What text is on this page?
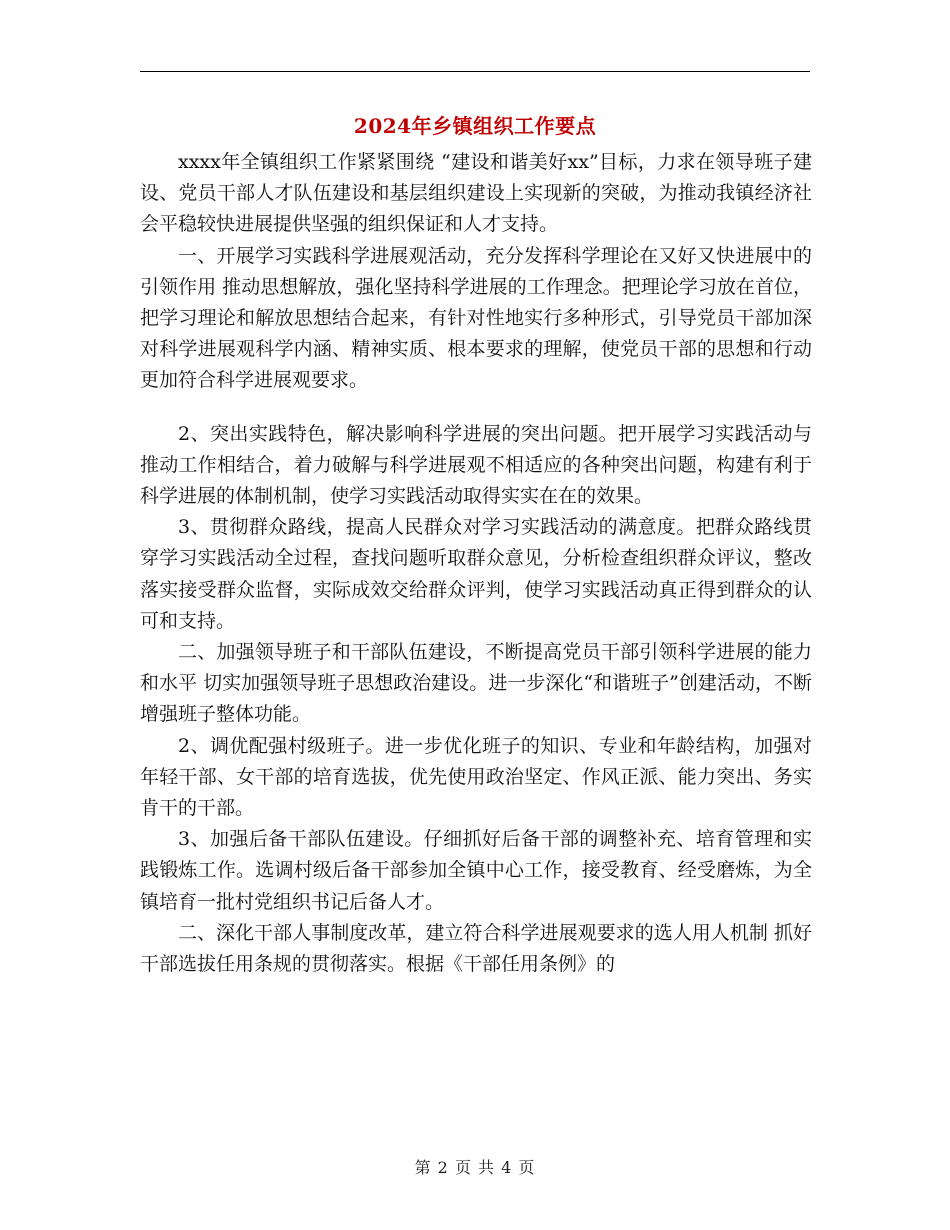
2024年乡镇组织工作要点

xxxx年全镇组织工作紧紧围绕 “建设和谐美好xx”目标，力求在领导班子建设、党员干部人才队伍建设和基层组织建设上实现新的突破，为推动我镇经济社会平稳较快进展提供坚强的组织保证和人才支持。

一、开展学习实践科学进展观活动，充分发挥科学理论在又好又快进展中的引领作用 推动思想解放，强化坚持科学进展的工作理念。把理论学习放在首位，把学习理论和解放思想结合起来，有针对性地实行多种形式，引导党员干部加深对科学进展观科学内涵、精神实质、根本要求的理解，使党员干部的思想和行动更加符合科学进展观要求。

2、突出实践特色，解决影响科学进展的突出问题。把开展学习实践活动与推动工作相结合，着力破解与科学进展观不相适应的各种突出问题，构建有利于科学进展的体制机制，使学习实践活动取得实实在在的效果。

3、贯彻群众路线，提高人民群众对学习实践活动的满意度。把群众路线贯穿学习实践活动全过程，查找问题听取群众意见，分析检查组织群众评议，整改落实接受群众监督，实际成效交给群众评判，使学习实践活动真正得到群众的认可和支持。

二、加强领导班子和干部队伍建设，不断提高党员干部引领科学进展的能力和水平 切实加强领导班子思想政治建设。进一步深化“和谐班子”创建活动，不断增强班子整体功能。

2、调优配强村级班子。进一步优化班子的知识、专业和年龄结构，加强对年轻干部、女干部的培育选拔，优先使用政治坚定、作风正派、能力突出、务实肯干的干部。

3、加强后备干部队伍建设。仔细抓好后备干部的调整补充、培育管理和实践锻炼工作。选调村级后备干部参加全镇中心工作，接受教育、经受磨炼，为全镇培育一批村党组织书记后备人才。

二、深化干部人事制度改革，建立符合科学进展观要求的选人用人机制 抓好干部选拔任用条规的贯彻落实。根据《干部任用条例》的

第 2 页 共 4 页
